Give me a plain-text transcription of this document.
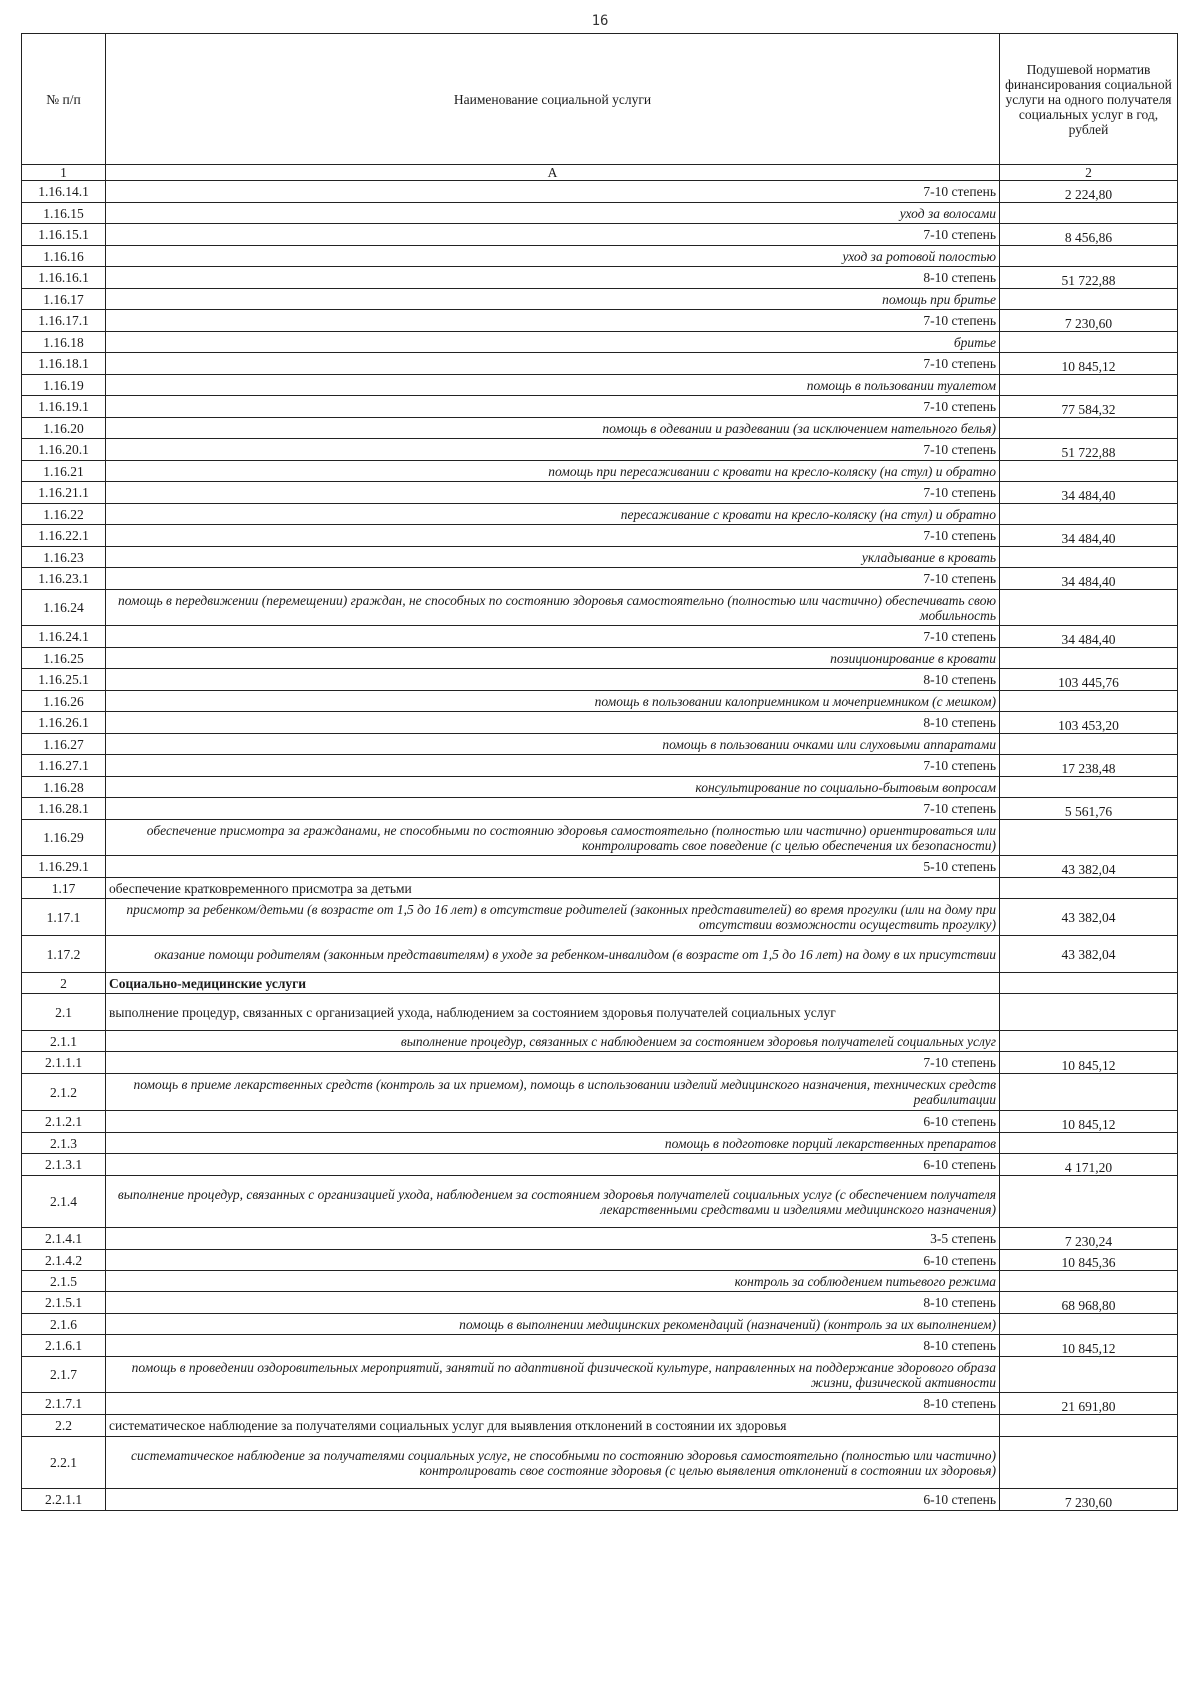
16
№ п/п	Наименование социальной услуги	Подушевой норматив финансирования социальной услуги на одного получателя социальных услуг в год, рублей
1	А	2
1.16.14.1	7-10 степень	2 224,80
1.16.15	уход за волосами	
1.16.15.1	7-10 степень	8 456,86
1.16.16	уход за ротовой полостью	
1.16.16.1	8-10 степень	51 722,88
1.16.17	помощь при бритье	
1.16.17.1	7-10 степень	7 230,60
1.16.18	бритье	
1.16.18.1	7-10 степень	10 845,12
1.16.19	помощь в пользовании туалетом	
1.16.19.1	7-10 степень	77 584,32
1.16.20	помощь в одевании и раздевании (за исключением нательного белья)	
1.16.20.1	7-10 степень	51 722,88
1.16.21	помощь при пересаживании с кровати на кресло-коляску (на стул) и обратно	
1.16.21.1	7-10 степень	34 484,40
1.16.22	пересаживание с кровати на кресло-коляску (на стул) и обратно	
1.16.22.1	7-10 степень	34 484,40
1.16.23	укладывание в кровать	
1.16.23.1	7-10 степень	34 484,40
1.16.24	помощь в передвижении (перемещении) граждан, не способных по состоянию здоровья самостоятельно (полностью или частично) обеспечивать свою мобильность	
1.16.24.1	7-10 степень	34 484,40
1.16.25	позиционирование в кровати	
1.16.25.1	8-10 степень	103 445,76
1.16.26	помощь в пользовании калоприемником и мочеприемником (с мешком)	
1.16.26.1	8-10 степень	103 453,20
1.16.27	помощь в пользовании очками или слуховыми аппаратами	
1.16.27.1	7-10 степень	17 238,48
1.16.28	консультирование по социально-бытовым вопросам	
1.16.28.1	7-10 степень	5 561,76
1.16.29	обеспечение присмотра за гражданами, не способными по состоянию здоровья самостоятельно (полностью или частично) ориентироваться или контролировать свое поведение (с целью обеспечения их безопасности)	
1.16.29.1	5-10 степень	43 382,04
1.17	обеспечение кратковременного присмотра за детьми	
1.17.1	присмотр за ребенком/детьми (в возрасте от 1,5 до 16 лет) в отсутствие родителей (законных представителей) во время прогулки (или на дому при отсутствии возможности осуществить прогулку)	43 382,04
1.17.2	оказание помощи родителям (законным представителям) в уходе за ребенком-инвалидом (в возрасте от 1,5 до 16 лет) на дому в их присутствии	43 382,04
2	Социально-медицинские услуги	
2.1	выполнение процедур, связанных с организацией ухода, наблюдением за состоянием здоровья получателей социальных услуг	
2.1.1	выполнение процедур, связанных с наблюдением за состоянием здоровья получателей социальных услуг	
2.1.1.1	7-10 степень	10 845,12
2.1.2	помощь в приеме лекарственных средств (контроль за их приемом), помощь в использовании изделий медицинского назначения, технических средств реабилитации	
2.1.2.1	6-10 степень	10 845,12
2.1.3	помощь в подготовке порций лекарственных препаратов	
2.1.3.1	6-10 степень	4 171,20
2.1.4	выполнение процедур, связанных с организацией ухода, наблюдением за состоянием здоровья получателей социальных услуг (с обеспечением получателя лекарственными средствами и изделиями медицинского назначения)	
2.1.4.1	3-5 степень	7 230,24
2.1.4.2	6-10 степень	10 845,36
2.1.5	контроль за соблюдением питьевого режима	
2.1.5.1	8-10 степень	68 968,80
2.1.6	помощь в выполнении медицинских рекомендаций (назначений) (контроль за их выполнением)	
2.1.6.1	8-10 степень	10 845,12
2.1.7	помощь в проведении оздоровительных мероприятий, занятий по адаптивной физической культуре, направленных на поддержание здорового образа жизни, физической активности	
2.1.7.1	8-10 степень	21 691,80
2.2	систематическое наблюдение за получателями социальных услуг для выявления отклонений в состоянии их здоровья	
2.2.1	систематическое наблюдение за получателями социальных услуг, не способными по состоянию здоровья самостоятельно (полностью или частично) контролировать свое состояние здоровья (с целью выявления отклонений в состоянии их здоровья)	
2.2.1.1	6-10 степень	7 230,60
